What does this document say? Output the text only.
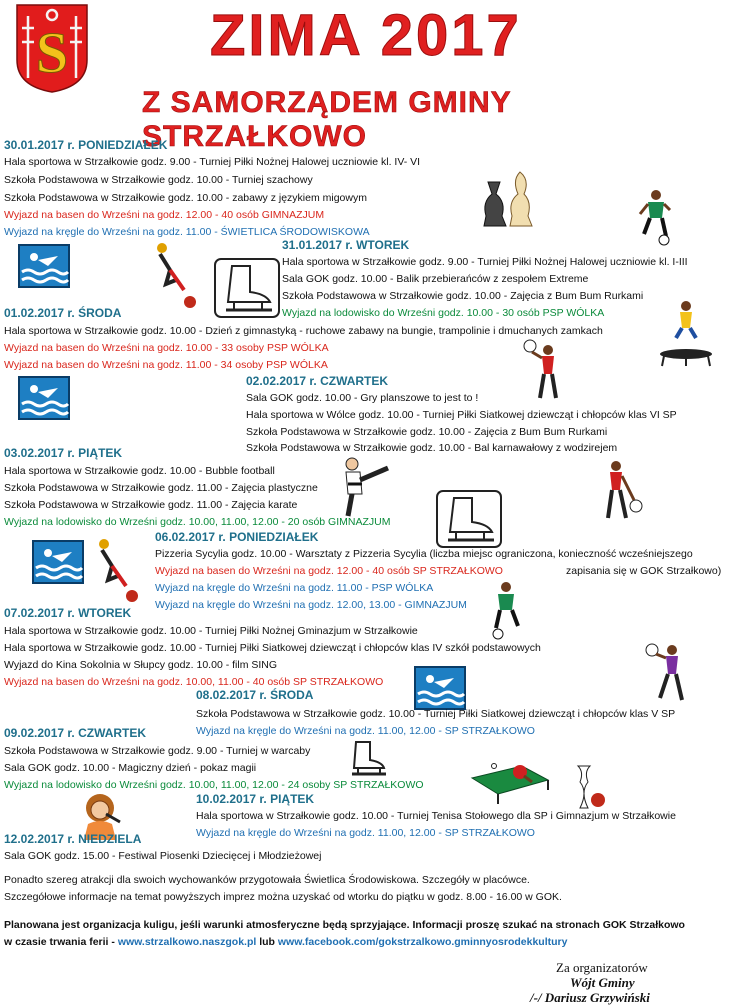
S ZIMA 2017
Z SAMORZĄDEM GMINY STRZAŁKOWO
30.01.2017 r. PONIEDZIAŁEK
Hala sportowa w Strzałkowie godz. 9.00 - Turniej Piłki Nożnej Halowej uczniowie kl. IV- VI
Szkoła Podstawowa w Strzałkowie godz. 10.00 - Turniej szachowy
Szkoła Podstawowa w Strzałkowie godz. 10.00 - zabawy z językiem migowym
Wyjazd na basen do Wrześni na godz. 12.00 - 40 osób GIMNAZJUM
Wyjazd na kręgle do Wrześni na godz. 11.00 - ŚWIETLICA ŚRODOWISKOWA
31.01.2017 r. WTOREK
Hala sportowa w Strzałkowie godz. 9.00 - Turniej Piłki Nożnej Halowej uczniowie kl. I-III
Sala GOK godz. 10.00 - Balik przebierańców z zespołem Extreme
Szkoła Podstawowa w Strzałkowie godz. 10.00 - Zajęcia z Bum Bum Rurkami
Wyjazd na lodowisko do Wrześni godz. 10.00 - 30 osób PSP WÓLKA
01.02.2017 r. ŚRODA
Hala sportowa w Strzałkowie godz. 10.00 - Dzień z gimnastyką - ruchowe zabawy na bungie, trampolinie i dmuchanych zamkach
Wyjazd na basen do Wrześni na godz. 10.00 - 33 osoby PSP WÓLKA
Wyjazd na basen do Wrześni na godz. 11.00 - 34 osoby PSP WÓLKA
02.02.2017 r. CZWARTEK
Sala GOK godz. 10.00 - Gry planszowe to jest to !
Hala sportowa w Wólce godz. 10.00 - Turniej Piłki Siatkowej dziewcząt i chłopców klas VI SP
Szkoła Podstawowa w Strzałkowie godz. 10.00 - Zajęcia z Bum Bum Rurkami
Szkoła Podstawowa w Strzałkowie godz. 10.00 - Bal karnawałowy z wodzirejem
03.02.2017 r. PIĄTEK
Hala sportowa w Strzałkowie godz. 10.00 - Bubble football
Szkoła Podstawowa w Strzałkowie godz. 11.00 - Zajęcia plastyczne
Szkoła Podstawowa w Strzałkowie godz. 11.00 - Zajęcia karate
Wyjazd na lodowisko do Wrześni godz. 10.00, 11.00, 12.00 - 20 osób GIMNAZJUM
06.02.2017 r. PONIEDZIAŁEK
Pizzeria Sycylia godz. 10.00 - Warsztaty z Pizzeria Sycylia (liczba miejsc ograniczona, konieczność wcześniejszego
Wyjazd na basen do Wrześni na godz. 12.00 - 40 osób SP STRZAŁKOWO	zapisania się w GOK Strzałkowo)
Wyjazd na kręgle do Wrześni na godz. 11.00 - PSP WÓLKA
Wyjazd na kręgle do Wrześni na godz. 12.00, 13.00 - GIMNAZJUM
07.02.2017 r. WTOREK
Hala sportowa w Strzałkowie godz. 10.00 - Turniej Piłki Nożnej Gminazjum w Strzałkowie
Hala sportowa w Strzałkowie godz. 10.00 - Turniej Piłki Siatkowej dziewcząt i chłopców klas IV szkół podstawowych
Wyjazd do Kina Sokolnia w Słupcy godz. 10.00 - film SING
Wyjazd na basen do Wrześni na godz. 10.00, 11.00 - 40 osób SP STRZAŁKOWO
08.02.2017 r. ŚRODA
Szkoła Podstawowa w Strzałkowie godz. 10.00 - Turniej Piłki Siatkowej dziewcząt i chłopców klas V SP
Wyjazd na kręgle do Wrześni na godz. 11.00, 12.00 - SP STRZAŁKOWO
09.02.2017 r. CZWARTEK
Szkoła Podstawowa w Strzałkowie godz. 9.00 - Turniej w warcaby
Sala GOK godz. 10.00 - Magiczny dzień - pokaz magii
Wyjazd na lodowisko do Wrześni godz. 10.00, 11.00, 12.00 - 24 osoby SP STRZAŁKOWO
10.02.2017 r. PIĄTEK
Hala sportowa w Strzałkowie godz. 10.00 - Turniej Tenisa Stołowego dla SP i Gimnazjum w Strzałkowie
Wyjazd na kręgle do Wrześni na godz. 11.00, 12.00 - SP STRZAŁKOWO
12.02.2017 r. NIEDZIELA
Sala GOK godz. 15.00 - Festiwal Piosenki Dziecięcej i Młodzieżowej
Ponadto szereg atrakcji dla swoich wychowanków przygotowała Świetlica Środowiskowa. Szczegóły w placówce.
Szczegółowe informacje na temat powyższych imprez można uzyskać od wtorku do piątku w godz. 8.00 - 16.00 w GOK.
Planowana jest organizacja kuligu, jeśli warunki atmosferyczne będą sprzyjające. Informacji proszę szukać na stronach GOK Strzałkowo
w czasie trwania ferii - www.strzalkowo.naszgok.pl lub www.facebook.com/gokstrzalkowo.gminnyosrodekkultury
Za organizatorów
Wójt Gminy
/-/ Dariusz Grzywiński
